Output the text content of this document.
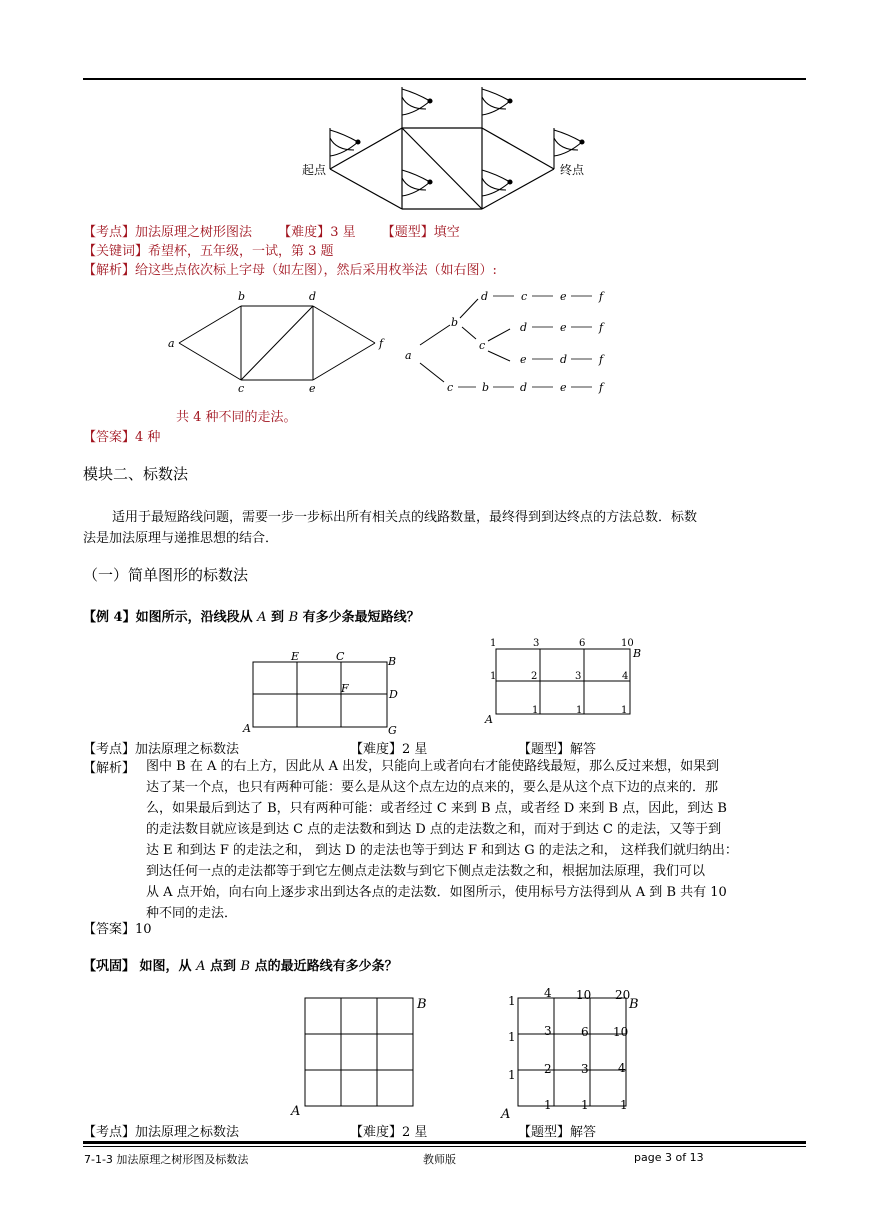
起点	终点
【考点】加法原理之树形图法 【难度】3 星 【题型】填空
【关键词】希望杯，五年级，一试，第 3 题
【解析】给这些点依次标上字母（如左图），然后采用枚举法（如右图）:
a
b
c
d
e
f
a
b
c
d	c	e	f
d	e	f
e	d	f
c	b	d	e	f
共 4 种不同的走法。
【答案】4 种
模块二、标数法
适用于最短路线问题，需要一步一步标出所有相关点的线路数量，最终得到到达终点的方法总数．标数
法是加法原理与递推思想的结合．
（一）简单图形的标数法
【例 4】如图所示，沿线段从 A 到 B 有多少条最短路线？
E	C	B
F	D
A	G
1	3	6	10
1	2	3	4
1	1	1
A
B
【考点】加法原理之标数法	【难度】2 星	【题型】解答
【解析】 图中 B 在 A 的右上方，因此从 A 出发，只能向上或者向右才能使路线最短，那么反过来想，如果到
达了某一个点，也只有两种可能：要么是从这个点左边的点来的，要么是从这个点下边的点来的．那
么，如果最后到达了 B，只有两种可能：或者经过 C 来到 B 点，或者经 D 来到 B 点，因此，到达 B
的走法数目就应该是到达 C 点的走法数和到达 D 点的走法数之和，而对于到达 C 的走法，又等于到
达 E 和到达 F 的走法之和， 到达 D 的走法也等于到达 F 和到达 G 的走法之和， 这样我们就归纳出：
到达任何一点的走法都等于到它左侧点走法数与到它下侧点走法数之和，根据加法原理，我们可以
从 A 点开始，向右向上逐步求出到达各点的走法数．如图所示，使用标号方法得到从 A 到 B 共有 10
种不同的走法．
【答案】10
【巩固】 如图，从 A 点到 B 点的最近路线有多少条？
B
A
4 10 20
3 6 10
2 3 4
1 1	1
1
1
1
B
A
【考点】加法原理之标数法	【难度】2 星	【题型】解答
7-1-3 加法原理之树形图及标数法	教师版	page 3 of 13
